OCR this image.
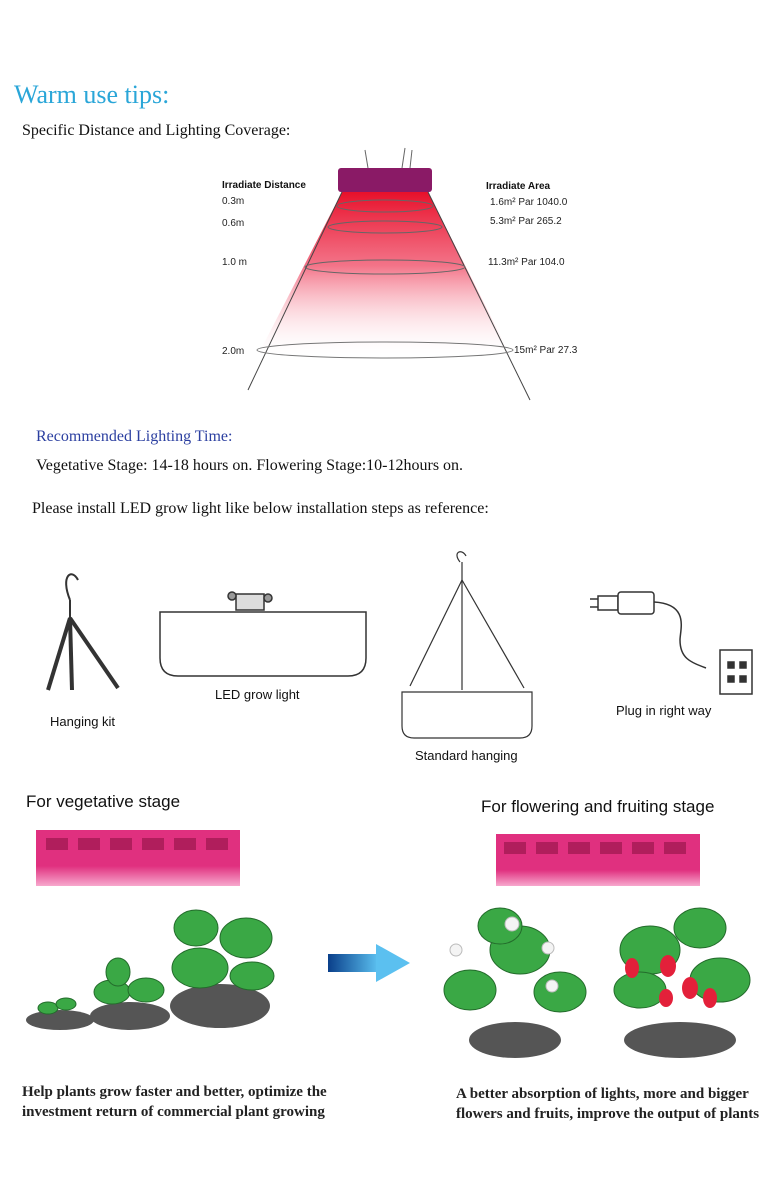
Warm use tips:
Specific Distance and Lighting Coverage:
Irradiate Distance	Irradiate Area
0.3m
0.6m
1.0 m
2.0m
1.6m² Par 1040.0
5.3m² Par 265.2
11.3m² Par 104.0
15m² Par 27.3
Recommended Lighting Time:
Vegetative Stage: 14-18 hours on. Flowering Stage:10-12hours on.
Please install LED grow light like below installation steps as reference:
Hanging kit
LED grow light
Standard hanging
Plug in right way
For vegetative stage	For flowering and fruiting stage
Help plants grow faster and better, optimize the investment return of commercial plant growing
A better absorption of lights, more and bigger flowers and fruits, improve the output of plants
